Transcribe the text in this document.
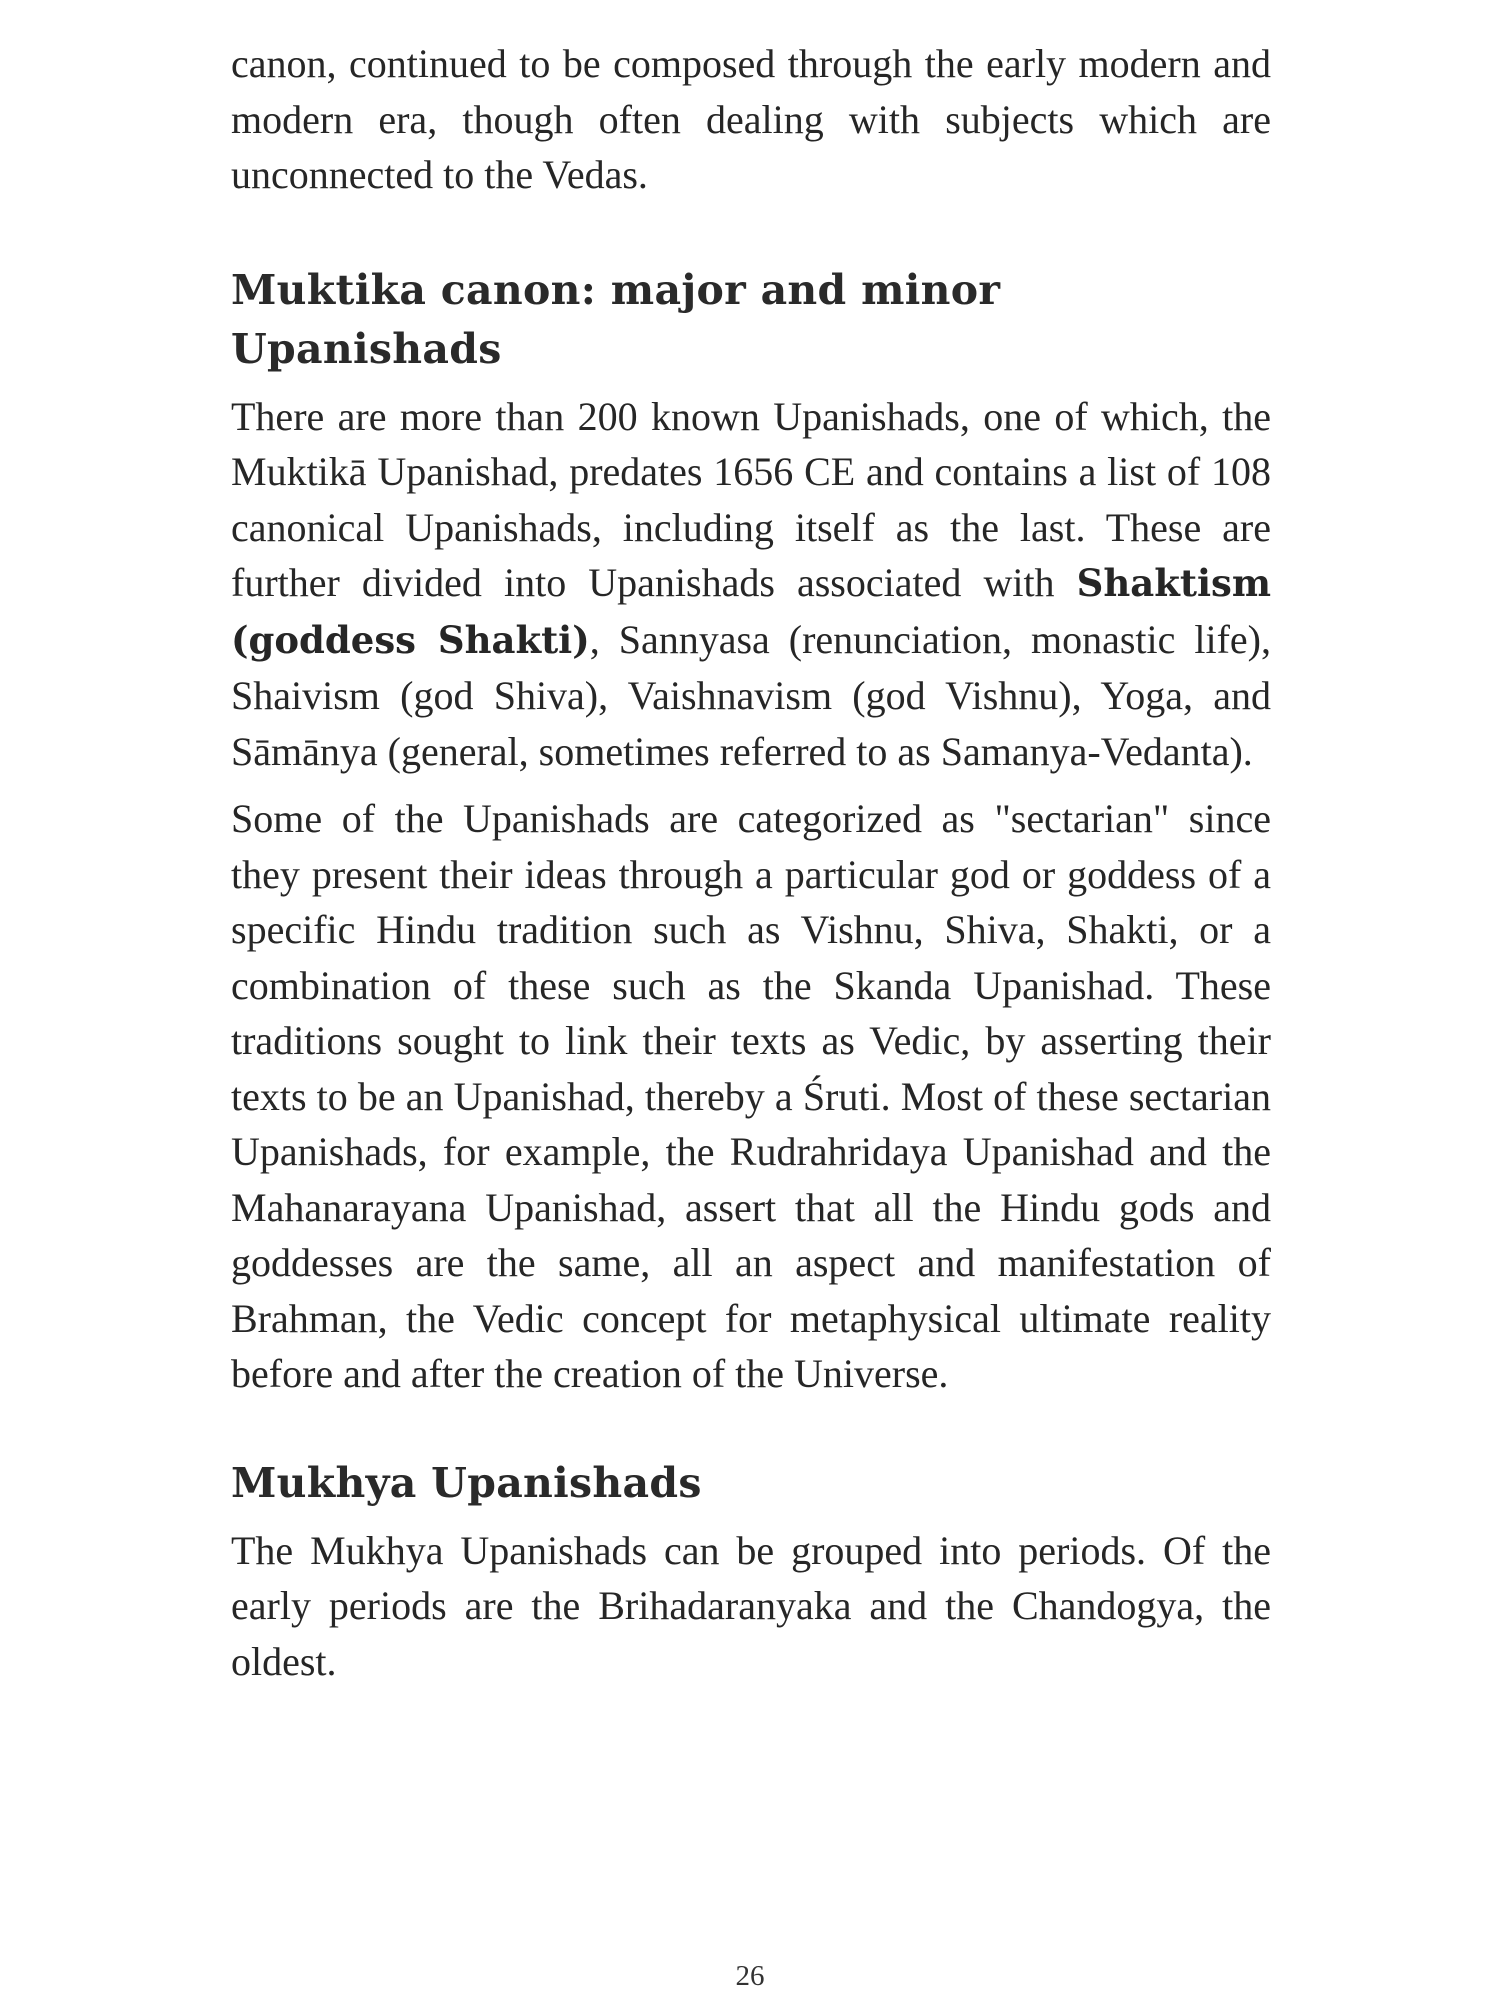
canon, continued to be composed through the early modern and modern era, though often dealing with subjects which are unconnected to the Vedas.

Muktika canon: major and minor Upanishads

There are more than 200 known Upanishads, one of which, the Muktikā Upanishad, predates 1656 CE and contains a list of 108 canonical Upanishads, including itself as the last. These are further divided into Upanishads associated with Shaktism (goddess Shakti), Sannyasa (renunciation, monastic life), Shaivism (god Shiva), Vaishnavism (god Vishnu), Yoga, and Sāmānya (general, sometimes referred to as Samanya-Vedanta).

Some of the Upanishads are categorized as "sectarian" since they present their ideas through a particular god or goddess of a specific Hindu tradition such as Vishnu, Shiva, Shakti, or a combination of these such as the Skanda Upanishad. These traditions sought to link their texts as Vedic, by asserting their texts to be an Upanishad, thereby a Śruti. Most of these sectarian Upanishads, for example, the Rudrahridaya Upanishad and the Mahanarayana Upanishad, assert that all the Hindu gods and goddesses are the same, all an aspect and manifestation of Brahman, the Vedic concept for metaphysical ultimate reality before and after the creation of the Universe.

Mukhya Upanishads

The Mukhya Upanishads can be grouped into periods. Of the early periods are the Brihadaranyaka and the Chandogya, the oldest.

26
